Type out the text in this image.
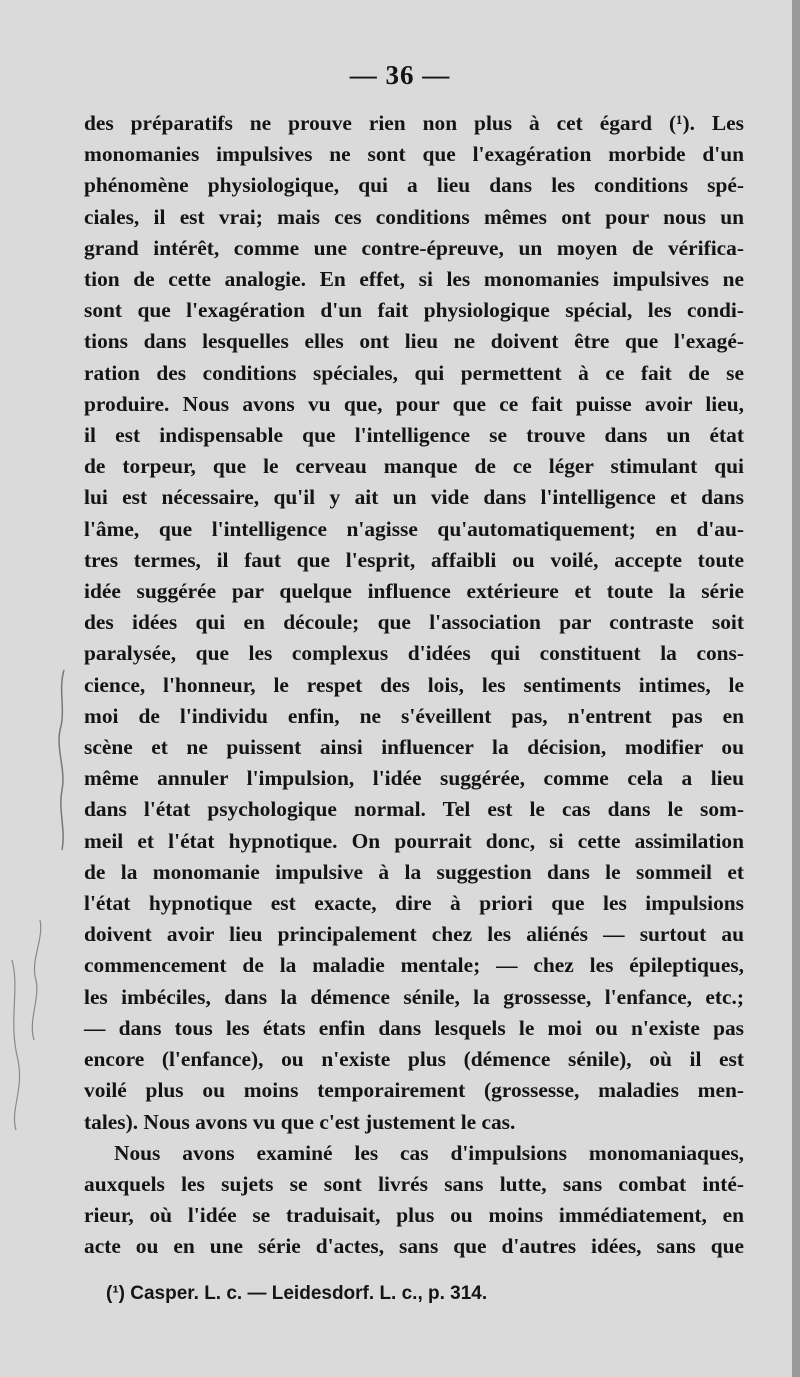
— 36 —
des préparatifs ne prouve rien non plus à cet égard (¹). Les
monomanies impulsives ne sont que l'exagération morbide d'un
phénomène physiologique, qui a lieu dans les conditions spé-
ciales, il est vrai; mais ces conditions mêmes ont pour nous un
grand intérêt, comme une contre-épreuve, un moyen de vérifica-
tion de cette analogie. En effet, si les monomanies impulsives ne
sont que l'exagération d'un fait physiologique spécial, les condi-
tions dans lesquelles elles ont lieu ne doivent être que l'exagé-
ration des conditions spéciales, qui permettent à ce fait de se
produire. Nous avons vu que, pour que ce fait puisse avoir lieu,
il est indispensable que l'intelligence se trouve dans un état
de torpeur, que le cerveau manque de ce léger stimulant qui
lui est nécessaire, qu'il y ait un vide dans l'intelligence et dans
l'âme, que l'intelligence n'agisse qu'automatiquement; en d'au-
tres termes, il faut que l'esprit, affaibli ou voilé, accepte toute
idée suggérée par quelque influence extérieure et toute la série
des idées qui en découle; que l'association par contraste soit
paralysée, que les complexus d'idées qui constituent la cons-
cience, l'honneur, le respet des lois, les sentiments intimes, le
moi de l'individu enfin, ne s'éveillent pas, n'entrent pas en
scène et ne puissent ainsi influencer la décision, modifier ou
même annuler l'impulsion, l'idée suggérée, comme cela a lieu
dans l'état psychologique normal. Tel est le cas dans le som-
meil et l'état hypnotique. On pourrait donc, si cette assimilation
de la monomanie impulsive à la suggestion dans le sommeil et
l'état hypnotique est exacte, dire à priori que les impulsions
doivent avoir lieu principalement chez les aliénés — surtout au
commencement de la maladie mentale; — chez les épileptiques,
les imbéciles, dans la démence sénile, la grossesse, l'enfance, etc.;
— dans tous les états enfin dans lesquels le moi ou n'existe pas
encore (l'enfance), ou n'existe plus (démence sénile), où il est
voilé plus ou moins temporairement (grossesse, maladies men-
tales). Nous avons vu que c'est justement le cas.
Nous avons examiné les cas d'impulsions monomaniaques,
auxquels les sujets se sont livrés sans lutte, sans combat inté-
rieur, où l'idée se traduisait, plus ou moins immédiatement, en
acte ou en une série d'actes, sans que d'autres idées, sans que
(¹) Casper. L. c. — Leidesdorf. L. c., p. 314.
